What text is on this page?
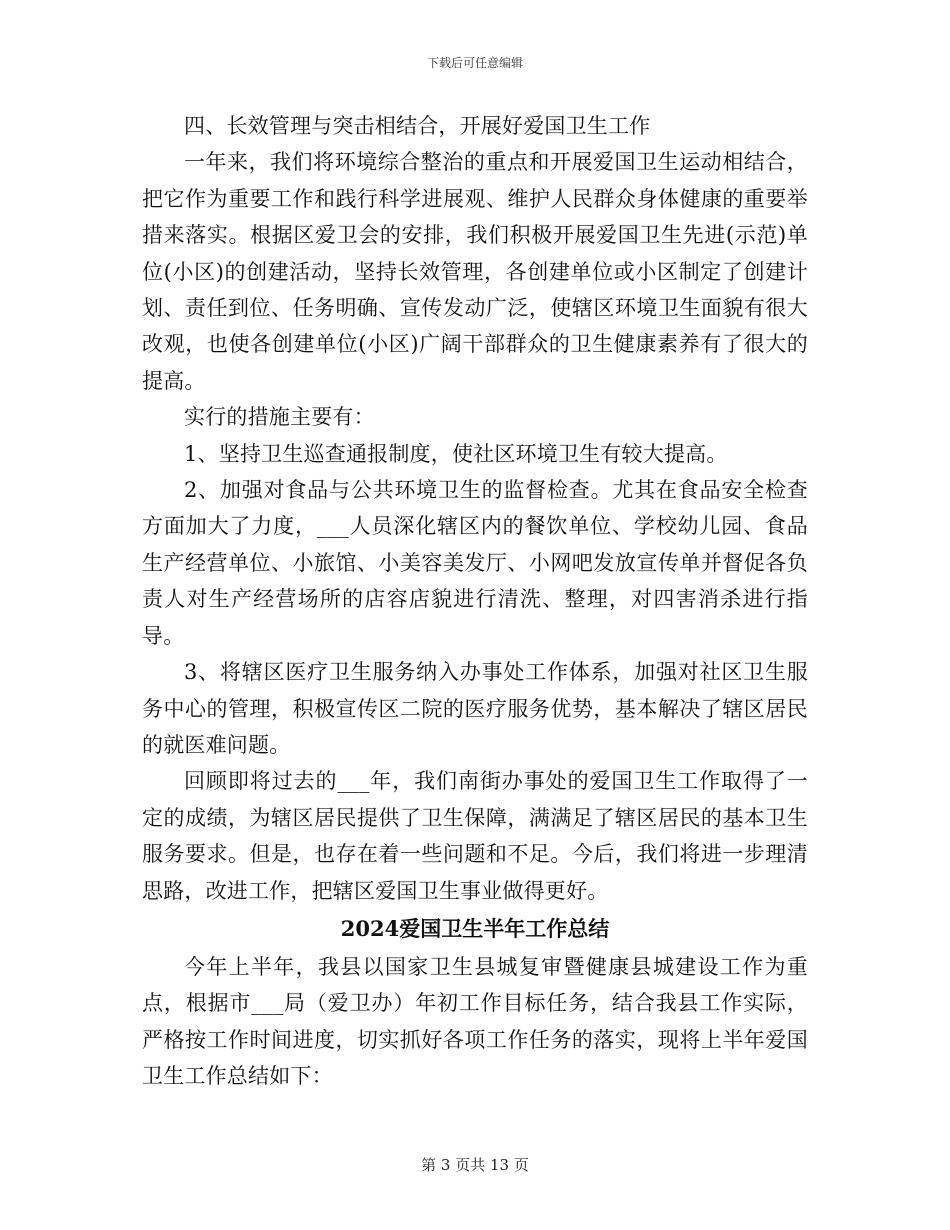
下载后可任意编辑

四、长效管理与突击相结合，开展好爱国卫生工作

一年来，我们将环境综合整治的重点和开展爱国卫生运动相结合，把它作为重要工作和践行科学进展观、维护人民群众身体健康的重要举措来落实。根据区爱卫会的安排，我们积极开展爱国卫生先进(示范)单位(小区)的创建活动，坚持长效管理，各创建单位或小区制定了创建计划、责任到位、任务明确、宣传发动广泛，使辖区环境卫生面貌有很大改观，也使各创建单位(小区)广阔干部群众的卫生健康素养有了很大的提高。

实行的措施主要有：

1、坚持卫生巡查通报制度，使社区环境卫生有较大提高。

2、加强对食品与公共环境卫生的监督检查。尤其在食品安全检查方面加大了力度，___人员深化辖区内的餐饮单位、学校幼儿园、食品生产经营单位、小旅馆、小美容美发厅、小网吧发放宣传单并督促各负责人对生产经营场所的店容店貌进行清洗、整理，对四害消杀进行指导。

3、将辖区医疗卫生服务纳入办事处工作体系，加强对社区卫生服务中心的管理，积极宣传区二院的医疗服务优势，基本解决了辖区居民的就医难问题。

回顾即将过去的___年，我们南街办事处的爱国卫生工作取得了一定的成绩，为辖区居民提供了卫生保障，满满足了辖区居民的基本卫生服务要求。但是，也存在着一些问题和不足。今后，我们将进一步理清思路，改进工作，把辖区爱国卫生事业做得更好。

2024爱国卫生半年工作总结

今年上半年，我县以国家卫生县城复审暨健康县城建设工作为重点，根据市___局（爱卫办）年初工作目标任务，结合我县工作实际，严格按工作时间进度，切实抓好各项工作任务的落实，现将上半年爱国卫生工作总结如下：

第 3 页共 13 页
